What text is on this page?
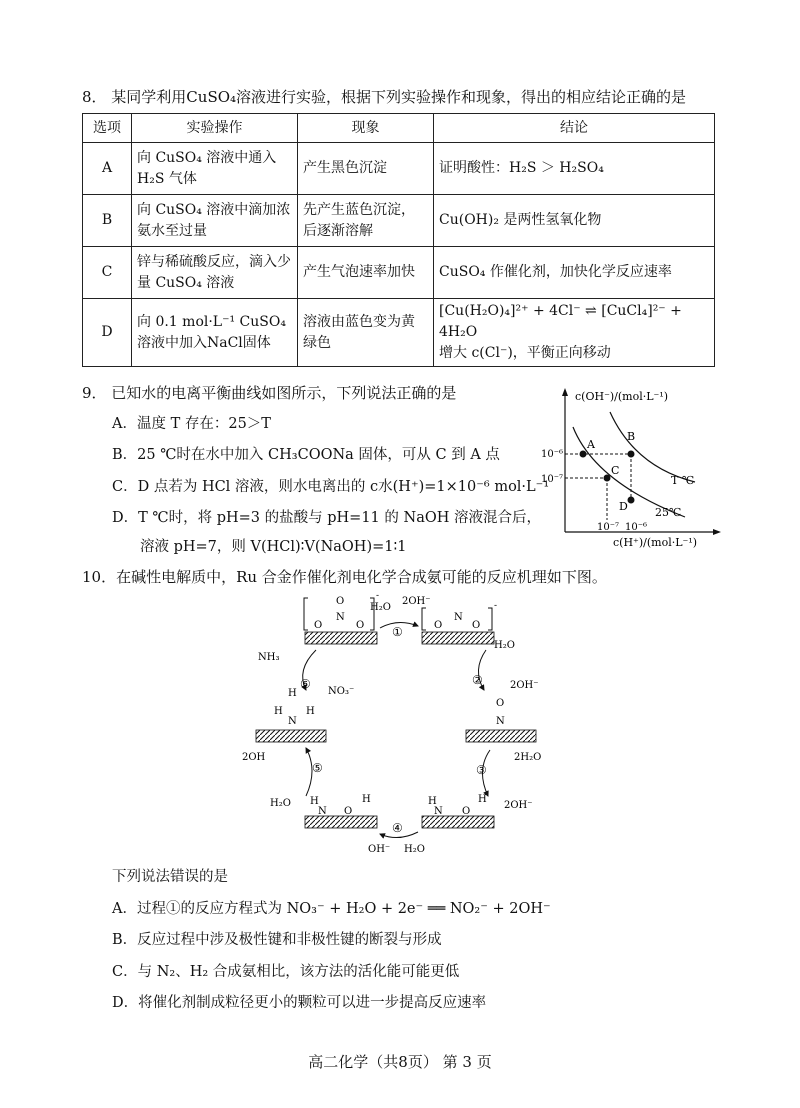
8． 某同学利用CuSO₄溶液进行实验，根据下列实验操作和现象，得出的相应结论正确的是
选项	实验操作	现象	结论
A	向 CuSO₄ 溶液中通入 H₂S 气体	产生黑色沉淀	证明酸性：H₂S ＞ H₂SO₄
B	向 CuSO₄ 溶液中滴加浓氨水至过量	先产生蓝色沉淀，后逐渐溶解	Cu(OH)₂ 是两性氢氧化物
C	锌与稀硫酸反应，滴入少量 CuSO₄ 溶液	产生气泡速率加快	CuSO₄ 作催化剂，加快化学反应速率
D	向 0.1 mol·L⁻¹ CuSO₄ 溶液中加入NaCl固体	溶液由蓝色变为黄绿色	[Cu(H₂O)₄]²⁺ + 4Cl⁻ ⇌ [CuCl₄]²⁻ + 4H₂O
增大 c(Cl⁻)，平衡正向移动
9． 已知水的电离平衡曲线如图所示，下列说法正确的是
A．温度 T 存在：25＞T
B．25 ℃时在水中加入 CH₃COONa 固体，可从 C 到 A 点
C．D 点若为 HCl 溶液，则水电离出的 c水(H⁺)=1×10⁻⁶ mol·L⁻¹
D．T ℃时，将 pH=3 的盐酸与 pH=11 的 NaOH 溶液混合后，
溶液 pH=7，则 V(HCl)∶V(NaOH)=1∶1
c(OH⁻)/(mol·L⁻¹)
c(H⁺)/(mol·L⁻¹)
10⁻⁶
10⁻⁷
10⁻⁷ 10⁻⁶
A
B
C
D
T ℃
25℃
10．在碱性电解质中，Ru 合金作催化剂电化学合成氨可能的反应机理如下图。
O
N
O	O
-
N
O	O
-
①
H₂O
2OH⁻
O
N
H₂O
②	2OH⁻
2H₂O
③
2OH⁻
H
N O
H
H
N O
H
④
OH⁻ H₂O
H
H
N
H
2OH
⑤
H₂O
NH₃
⑥
NO₃⁻
下列说法错误的是
A．过程①的反应方程式为 NO₃⁻ + H₂O + 2e⁻ ══ NO₂⁻ + 2OH⁻
B．反应过程中涉及极性键和非极性键的断裂与形成
C．与 N₂、H₂ 合成氨相比，该方法的活化能可能更低
D．将催化剂制成粒径更小的颗粒可以进一步提高反应速率
高二化学（共8页） 第 3 页
